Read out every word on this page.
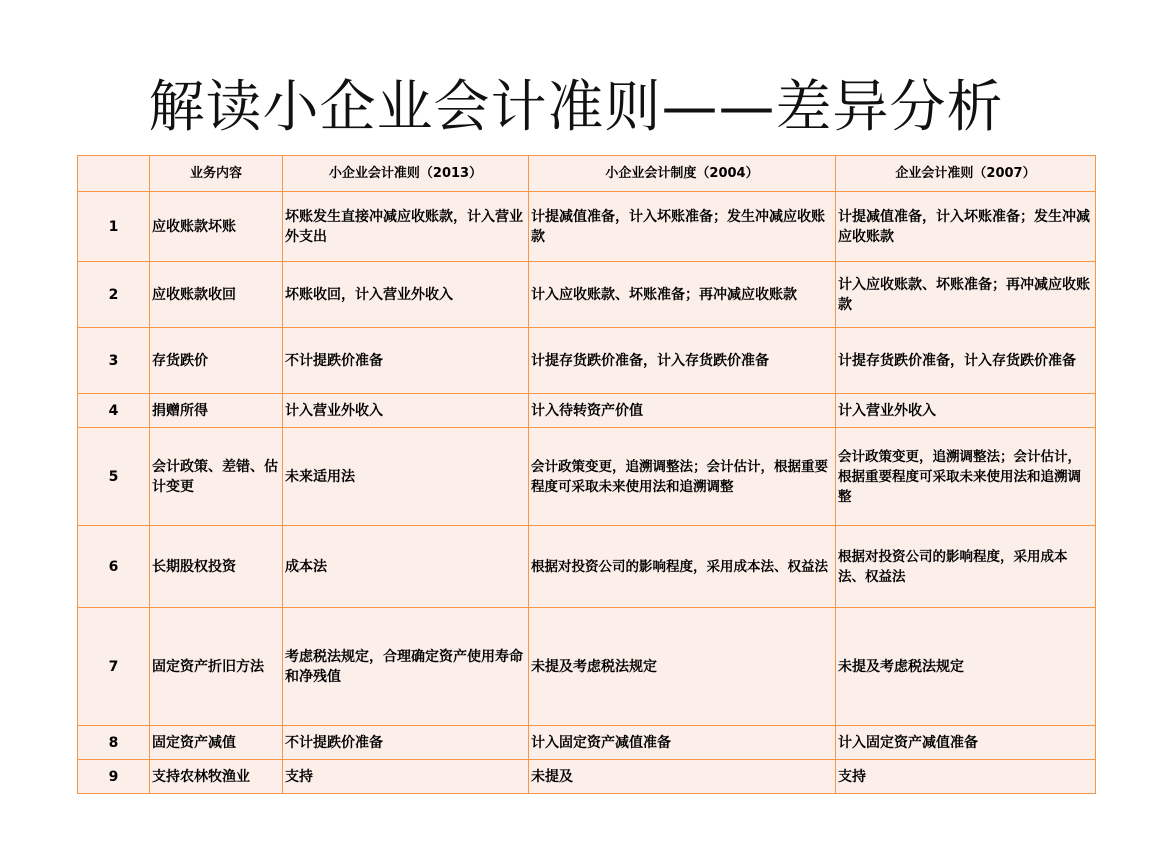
解读小企业会计准则——差异分析
	业务内容	小企业会计准则（2013）	小企业会计制度（2004）	企业会计准则（2007）
1	应收账款坏账	坏账发生直接冲减应收账款，计入营业外支出	计提减值准备，计入坏账准备；发生冲减应收账款	计提减值准备，计入坏账准备；发生冲减应收账款
2	应收账款收回	坏账收回，计入营业外收入	计入应收账款、坏账准备；再冲减应收账款	计入应收账款、坏账准备；再冲减应收账款
3	存货跌价	不计提跌价准备	计提存货跌价准备，计入存货跌价准备	计提存货跌价准备，计入存货跌价准备
4	捐赠所得	计入营业外收入	计入待转资产价值	计入营业外收入
5	会计政策、差错、估计变更	未来适用法	会计政策变更，追溯调整法；会计估计，根据重要程度可采取未来使用法和追溯调整	会计政策变更，追溯调整法；会计估计，根据重要程度可采取未来使用法和追溯调整
6	长期股权投资	成本法	根据对投资公司的影响程度，采用成本法、权益法	根据对投资公司的影响程度，采用成本法、权益法
7	固定资产折旧方法	考虑税法规定，合理确定资产使用寿命和净残值	未提及考虑税法规定	未提及考虑税法规定
8	固定资产减值	不计提跌价准备	计入固定资产减值准备	计入固定资产减值准备
9	支持农林牧渔业	支持	未提及	支持
